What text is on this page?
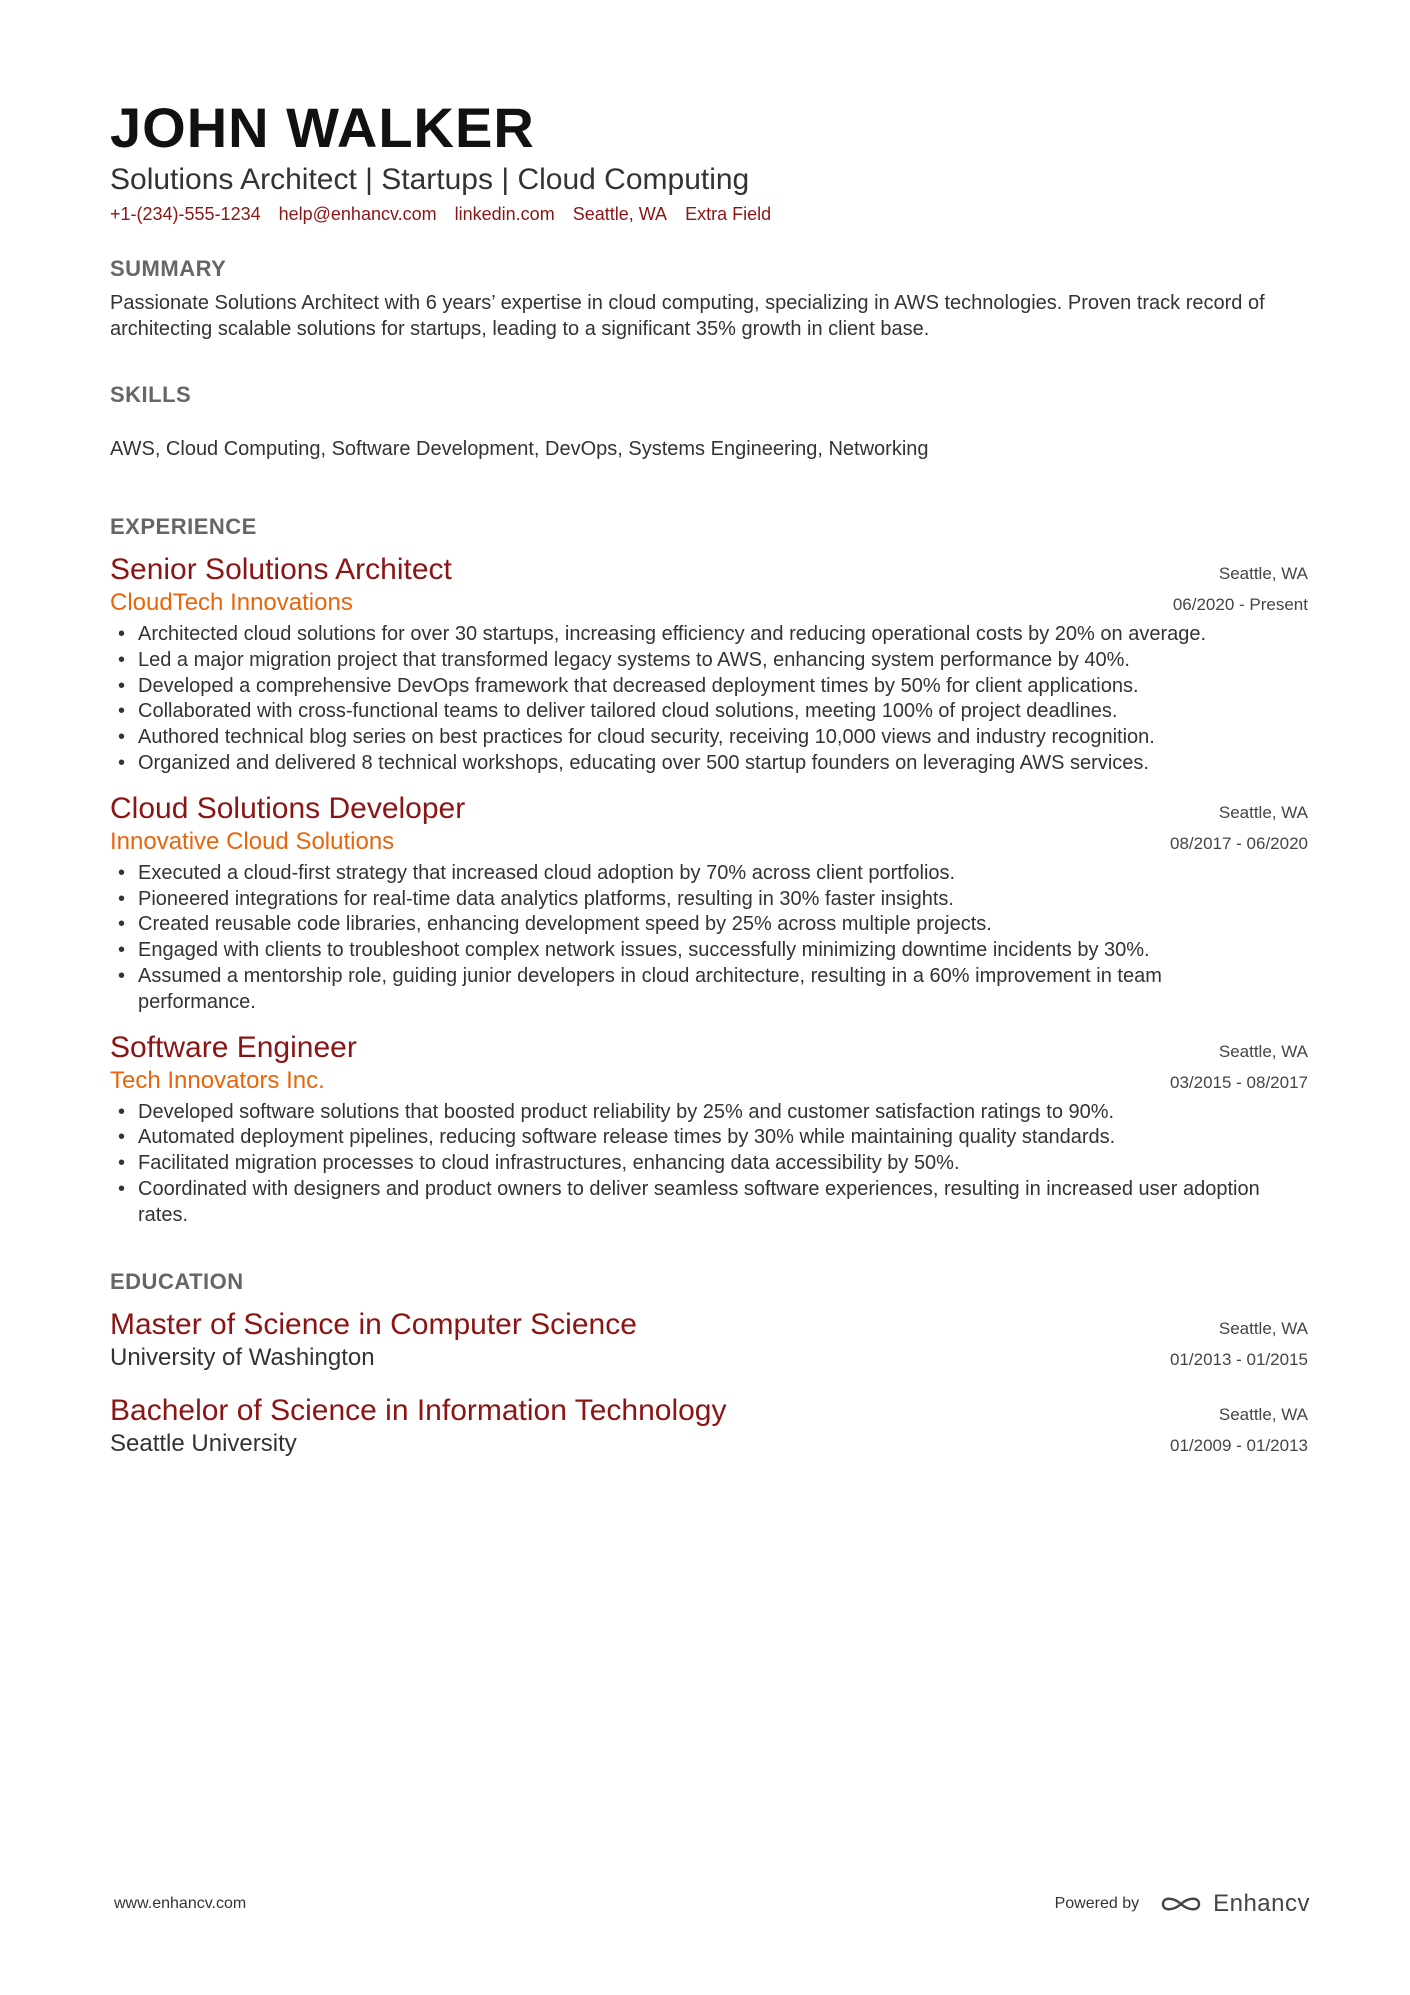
JOHN WALKER
Solutions Architect | Startups | Cloud Computing
+1-(234)-555-1234 help@enhancv.com linkedin.com Seattle, WA Extra Field
SUMMARY

Passionate Solutions Architect with 6 years’ expertise in cloud computing, specializing in AWS technologies. Proven track record of architecting scalable solutions for startups, leading to a significant 35% growth in client base.

SKILLS

AWS, Cloud Computing, Software Development, DevOps, Systems Engineering, Networking

EXPERIENCE
Senior Solutions Architect	Seattle, WA
CloudTech Innovations	06/2020 - Present
• Architected cloud solutions for over 30 startups, increasing efficiency and reducing operational costs by 20% on average.
• Led a major migration project that transformed legacy systems to AWS, enhancing system performance by 40%.
• Developed a comprehensive DevOps framework that decreased deployment times by 50% for client applications.
• Collaborated with cross-functional teams to deliver tailored cloud solutions, meeting 100% of project deadlines.
• Authored technical blog series on best practices for cloud security, receiving 10,000 views and industry recognition.
• Organized and delivered 8 technical workshops, educating over 500 startup founders on leveraging AWS services.
Cloud Solutions Developer	Seattle, WA
Innovative Cloud Solutions	08/2017 - 06/2020
• Executed a cloud-first strategy that increased cloud adoption by 70% across client portfolios.
• Pioneered integrations for real-time data analytics platforms, resulting in 30% faster insights.
• Created reusable code libraries, enhancing development speed by 25% across multiple projects.
• Engaged with clients to troubleshoot complex network issues, successfully minimizing downtime incidents by 30%.
• Assumed a mentorship role, guiding junior developers in cloud architecture, resulting in a 60% improvement in team performance.
Software Engineer	Seattle, WA
Tech Innovators Inc.	03/2015 - 08/2017
• Developed software solutions that boosted product reliability by 25% and customer satisfaction ratings to 90%.
• Automated deployment pipelines, reducing software release times by 30% while maintaining quality standards.
• Facilitated migration processes to cloud infrastructures, enhancing data accessibility by 50%.
• Coordinated with designers and product owners to deliver seamless software experiences, resulting in increased user adoption rates.
EDUCATION
Master of Science in Computer Science	Seattle, WA
University of Washington	01/2013 - 01/2015
Bachelor of Science in Information Technology	Seattle, WA
Seattle University	01/2009 - 01/2013
www.enhancv.com	Powered by	Enhancv
